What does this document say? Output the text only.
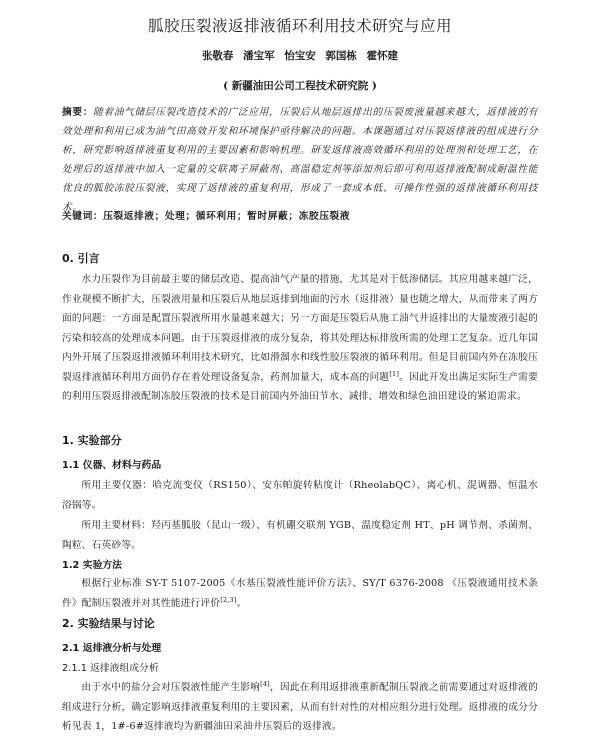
胍胶压裂液返排液循环利用技术研究与应用
张敬春 潘宝军 怡宝安 郭国栋 霍怀建
( 新疆油田公司工程技术研究院 )
摘要：随着油气储层压裂改造技术的广泛应用，压裂后从地层返排出的压裂废液量越来越大，返排液的有效处理和利用已成为油气田高效开发和环境保护亟待解决的问题。本课题通过对压裂返排液的组成进行分析，研究影响返排液重复利用的主要因素和影响机理。研发返排液高效循环利用的处理剂和处理工艺，在处理后的返排液中加入一定量的交联离子屏蔽剂、高温稳定剂等添加剂后即可利用返排液配制成耐温性能优良的胍胶冻胶压裂液，实现了返排液的重复利用，形成了一套成本低、可操作性强的返排液循环利用技术。
关键词：压裂返排液；处理；循环利用；暂时屏蔽；冻胶压裂液
0. 引言
水力压裂作为目前最主要的储层改造、提高油气产量的措施，尤其是对于低渗储层。其应用越来越广泛，作业规模不断扩大，压裂液用量和压裂后从地层返排到地面的污水（返排液）量也随之增大，从而带来了两方面的问题：一方面是配置压裂液所用水量越来越大；另一方面是压裂后从施工油气井返排出的大量废液引起的污染和较高的处理成本问题。由于压裂返排液的成分复杂，将其处理达标排放所需的处理工艺复杂。近几年国内外开展了压裂返排液循环利用技术研究，比如滑溜水和线性胶压裂液的循环利用。但是目前国内外在冻胶压裂返排液循环利用方面仍存在着处理设备复杂，药剂加量大，成本高的问题[1]。因此开发出满足实际生产需要的利用压裂返排液配制冻胶压裂液的技术是目前国内外油田节水、减排、增效和绿色油田建设的紧迫需求。
1. 实验部分
1.1 仪器、材料与药品
所用主要仪器：哈克流变仪（RS150）、安东帕旋转粘度计（RheolabQC）、离心机、混调器、恒温水浴锅等。
所用主要材料：羟丙基胍胶（昆山一级）、有机硼交联剂 YGB、温度稳定剂 HT、pH 调节剂、杀菌剂、陶粒、石英砂等。
1.2 实验方法
根据行业标准 SY-T 5107-2005《水基压裂液性能评价方法》、SY/T 6376-2008 《压裂液通用技术条件》配制压裂液并对其性能进行评价[2,3]。
2. 实验结果与讨论
2.1 返排液分析与处理
2.1.1 返排液组成分析
由于水中的盐分会对压裂液性能产生影响[4]，因此在利用返排液重新配制压裂液之前需要通过对返排液的组成进行分析，确定影响返排液重复利用的主要因素，从而有针对性的对相应组分进行处理。返排液的成分分析见表 1，1#-6#返排液均为新疆油田采油井压裂后的返排液。
